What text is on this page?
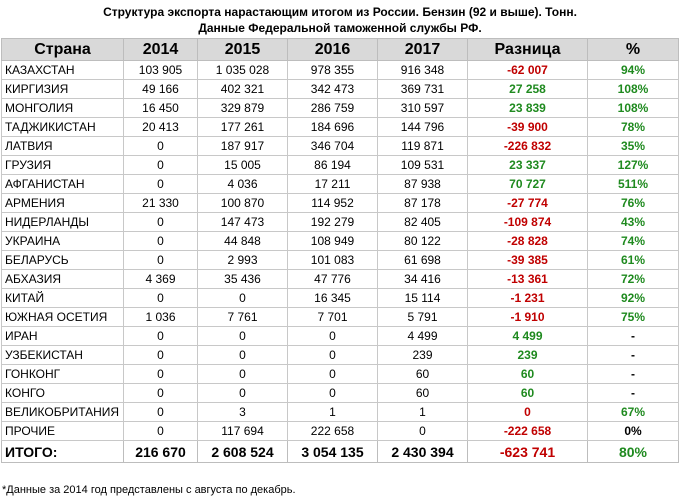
Структура экспорта нарастающим итогом из России. Бензин (92 и выше). Тонн.
Данные Федеральной таможенной службы РФ.
Страна	2014	2015	2016	2017	Разница	%
КАЗАХСТАН	103 905	1 035 028	978 355	916 348	-62 007	94%
КИРГИЗИЯ	49 166	402 321	342 473	369 731	27 258	108%
МОНГОЛИЯ	16 450	329 879	286 759	310 597	23 839	108%
ТАДЖИКИСТАН	20 413	177 261	184 696	144 796	-39 900	78%
ЛАТВИЯ	0	187 917	346 704	119 871	-226 832	35%
ГРУЗИЯ	0	15 005	86 194	109 531	23 337	127%
АФГАНИСТАН	0	4 036	17 211	87 938	70 727	511%
АРМЕНИЯ	21 330	100 870	114 952	87 178	-27 774	76%
НИДЕРЛАНДЫ	0	147 473	192 279	82 405	-109 874	43%
УКРАИНА	0	44 848	108 949	80 122	-28 828	74%
БЕЛАРУСЬ	0	2 993	101 083	61 698	-39 385	61%
АБХАЗИЯ	4 369	35 436	47 776	34 416	-13 361	72%
КИТАЙ	0	0	16 345	15 114	-1 231	92%
ЮЖНАЯ ОСЕТИЯ	1 036	7 761	7 701	5 791	-1 910	75%
ИРАН	0	0	0	4 499	4 499	-
УЗБЕКИСТАН	0	0	0	239	239	-
ГОНКОНГ	0	0	0	60	60	-
КОНГО	0	0	0	60	60	-
ВЕЛИКОБРИТАНИЯ	0	3	1	1	0	67%
ПРОЧИЕ	0	117 694	222 658	0	-222 658	0%
ИТОГО:	216 670	2 608 524	3 054 135	2 430 394	-623 741	80%
*Данные за 2014 год представлены с августа по декабрь.
